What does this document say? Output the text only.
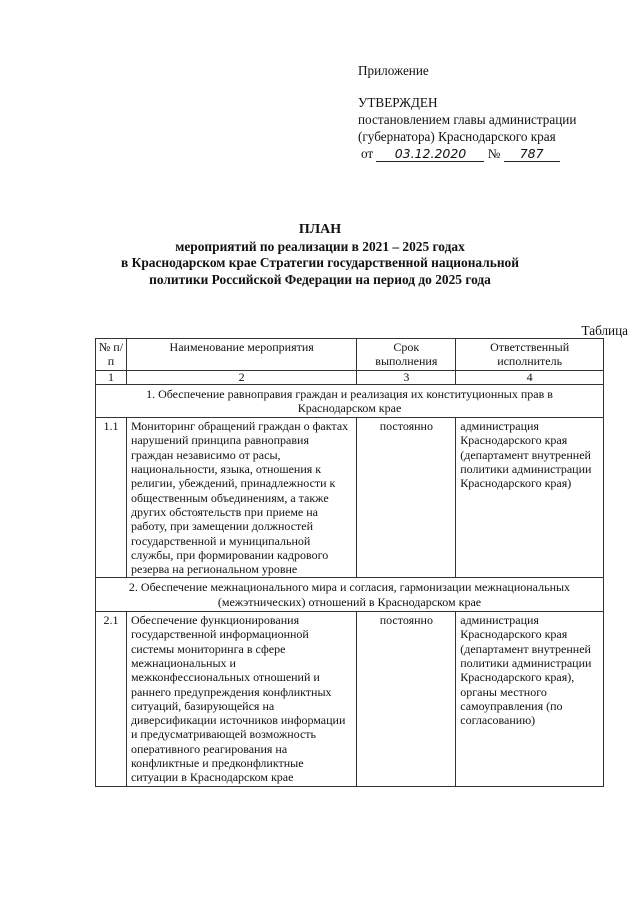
Приложение
УТВЕРЖДЕН
постановлением главы администрации
(губернатора) Краснодарского края
от 03.12.2020 № 787
ПЛАН
мероприятий по реализации в 2021 – 2025 годах
в Краснодарском крае Стратегии государственной национальной
политики Российской Федерации на период до 2025 года
Таблица
№ п/п	Наименование мероприятия	Срок выполнения	Ответственный исполнитель
1	2	3	4
1. Обеспечение равноправия граждан и реализация их конституционных прав в Краснодарском крае			
1.1	Мониторинг обращений граждан о фактах нарушений принципа равноправия граждан независимо от расы, национальности, языка, отношения к религии, убеждений, принадлежности к общественным объединениям, а также других обстоятельств при приеме на работу, при замещении должностей государственной и муниципальной службы, при формировании кадрового резерва на региональном уровне	постоянно	администрация Краснодарского края (департамент внутренней политики администрации Краснодарского края)
2. Обеспечение межнационального мира и согласия, гармонизации межнациональных (межэтнических) отношений в Краснодарском крае			
2.1	Обеспечение функционирования государственной информационной системы мониторинга в сфере межнациональных и межконфессиональных отношений и раннего предупреждения конфликтных ситуаций, базирующейся на диверсификации источников информации и предусматривающей возможность оперативного реагирования на конфликтные и предконфликтные ситуации в Краснодарском крае	постоянно	администрация Краснодарского края (департамент внутренней политики администрации Краснодарского края), органы местного самоуправления (по согласованию)
